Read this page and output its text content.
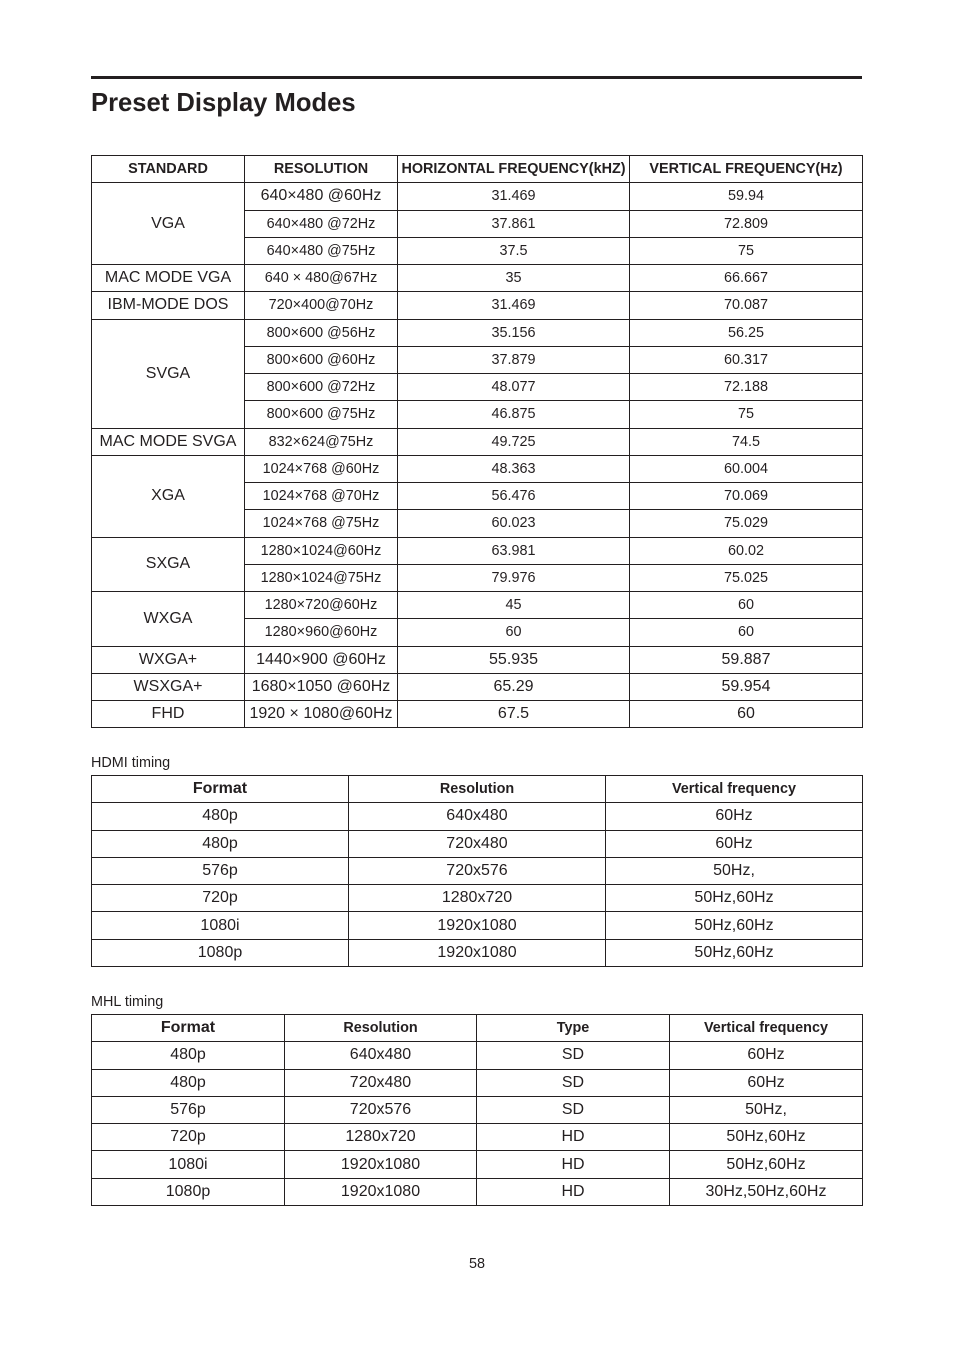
Preset Display Modes
STANDARD	RESOLUTION	HORIZONTAL FREQUENCY(kHZ)	VERTICAL FREQUENCY(Hz)
VGA	640×480 @60Hz	31.469	59.94
	640×480 @72Hz	37.861	72.809
	640×480 @75Hz	37.5	75
MAC MODE VGA	640 × 480@67Hz	35	66.667
IBM-MODE DOS	720×400@70Hz	31.469	70.087
SVGA	800×600 @56Hz	35.156	56.25
	800×600 @60Hz	37.879	60.317
	800×600 @72Hz	48.077	72.188
	800×600 @75Hz	46.875	75
MAC MODE SVGA	832×624@75Hz	49.725	74.5
XGA	1024×768 @60Hz	48.363	60.004
	1024×768 @70Hz	56.476	70.069
	1024×768 @75Hz	60.023	75.029
SXGA	1280×1024@60Hz	63.981	60.02
	1280×1024@75Hz	79.976	75.025
WXGA	1280×720@60Hz	45	60
	1280×960@60Hz	60	60
WXGA+	1440×900 @60Hz	55.935	59.887
WSXGA+	1680×1050 @60Hz	65.29	59.954
FHD	1920 × 1080@60Hz	67.5	60
HDMI timing
Format	Resolution	Vertical frequency
480p	640x480	60Hz
480p	720x480	60Hz
576p	720x576	50Hz,
720p	1280x720	50Hz,60Hz
1080i	1920x1080	50Hz,60Hz
1080p	1920x1080	50Hz,60Hz
MHL timing
Format	Resolution	Type	Vertical frequency
480p	640x480	SD	60Hz
480p	720x480	SD	60Hz
576p	720x576	SD	50Hz,
720p	1280x720	HD	50Hz,60Hz
1080i	1920x1080	HD	50Hz,60Hz
1080p	1920x1080	HD	30Hz,50Hz,60Hz
58
